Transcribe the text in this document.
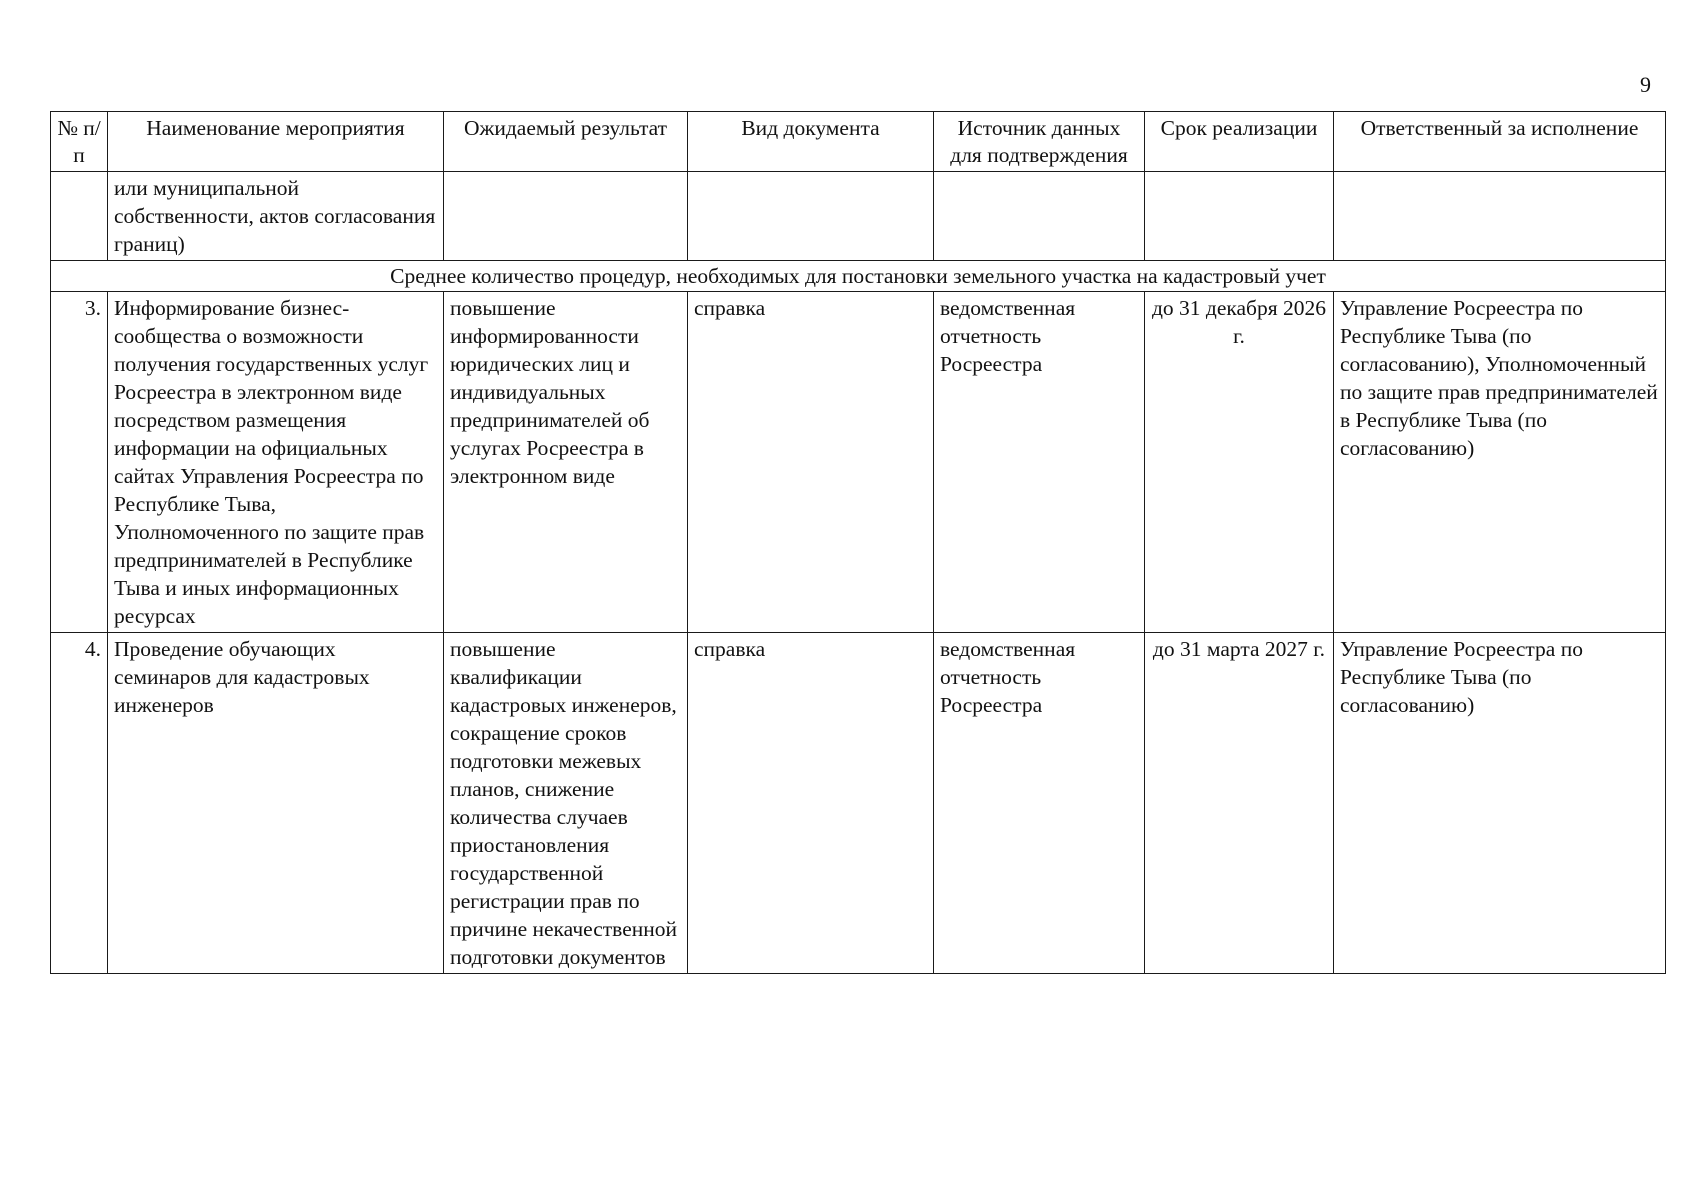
9
№ п/п	Наименование мероприятия	Ожидаемый результат	Вид документа	Источник данных для подтверждения	Срок реализации	Ответственный за исполнение
	или муниципальной собственности, актов согласования границ)					
Среднее количество процедур, необходимых для постановки земельного участка на кадастровый учет						
3.	Информирование бизнес-сообщества о возможности получения государственных услуг Росреестра в электронном виде посредством размещения информации на официальных сайтах Управления Росреестра по Республике Тыва, Уполномоченного по защите прав предпринимателей в Республике Тыва и иных информационных ресурсах	повышение информированности юридических лиц и индивидуальных предпринимателей об услугах Росреестра в электронном виде	справка	ведомственная отчетность Росреестра	до 31 декабря 2026 г.	Управление Росреестра по Республике Тыва (по согласованию), Уполномоченный по защите прав предпринимателей в Республике Тыва (по согласованию)
4.	Проведение обучающих семинаров для кадастровых инженеров	повышение квалификации кадастровых инженеров, сокращение сроков подготовки межевых планов, снижение количества случаев приостановления государственной регистрации прав по причине некачественной подготовки документов	справка	ведомственная отчетность Росреестра	до 31 марта 2027 г.	Управление Росреестра по Республике Тыва (по согласованию)
